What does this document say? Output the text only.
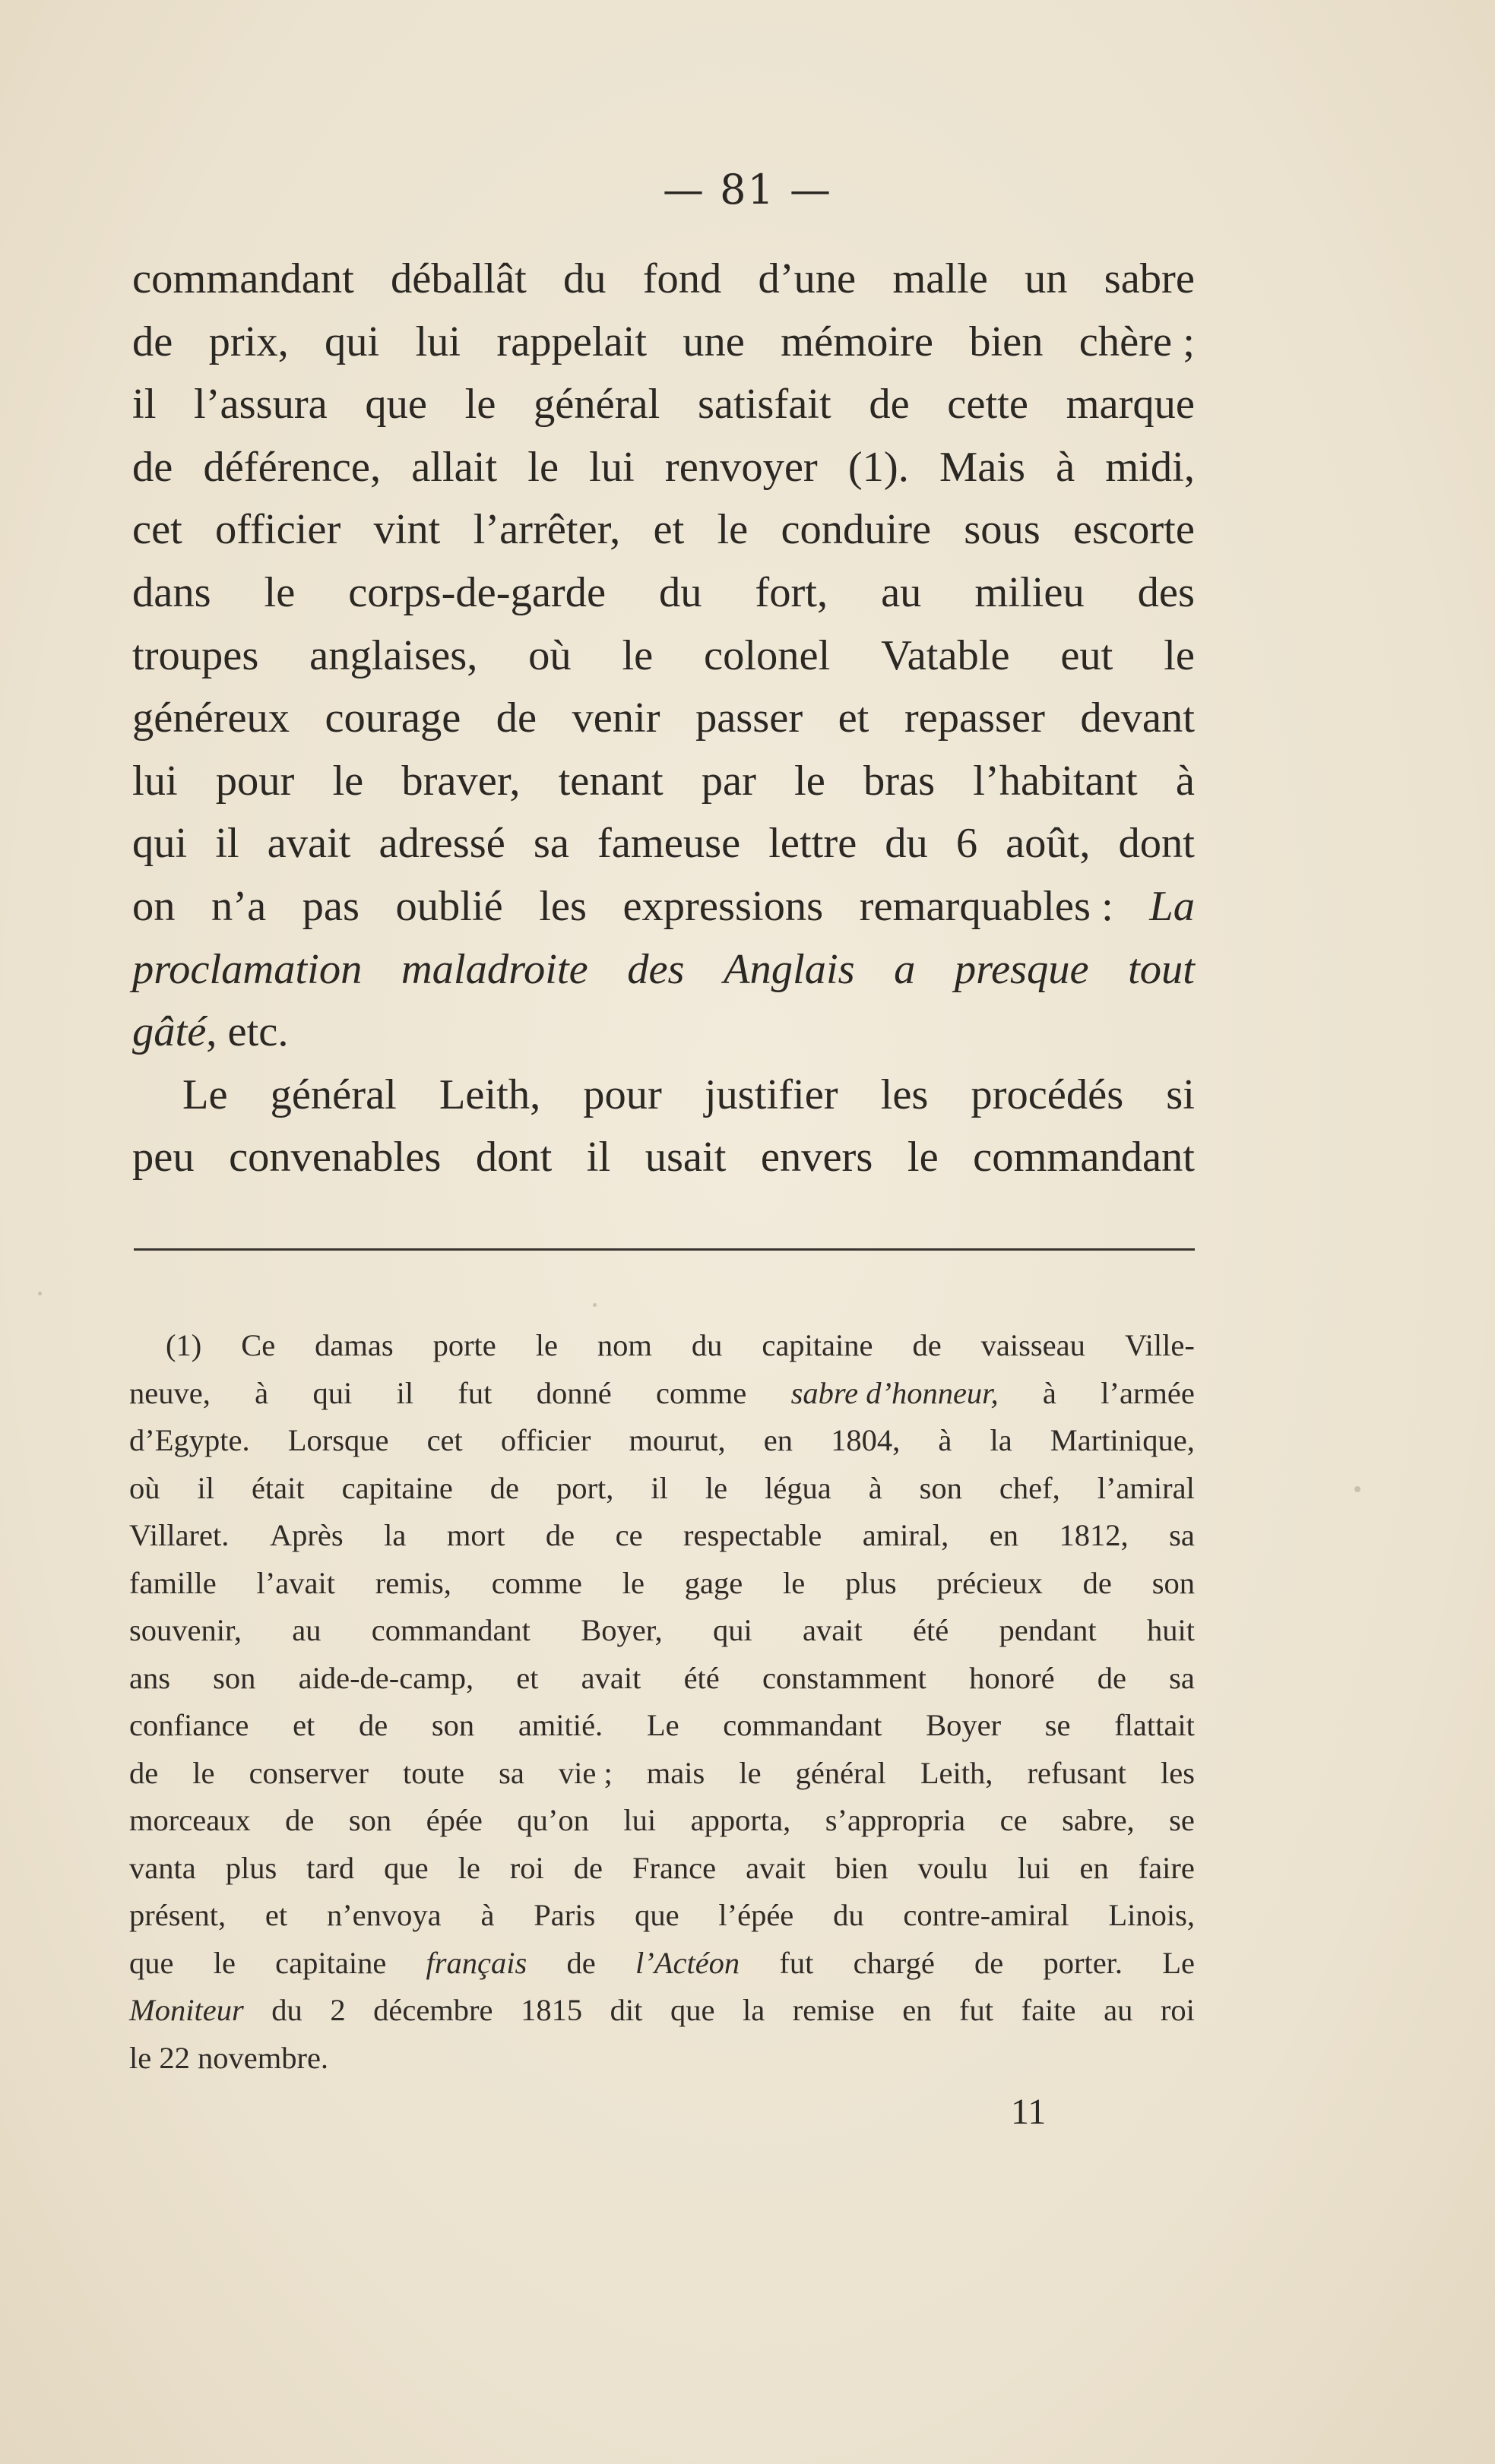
— 81 —
commandant déballât du fond d’une malle un sabre
de prix, qui lui rappelait une mémoire bien chère ;
il l’assura que le général satisfait de cette marque
de déférence, allait le lui renvoyer (1). Mais à midi,
cet officier vint l’arrêter, et le conduire sous escorte
dans le corps-de-garde du fort, au milieu des
troupes anglaises, où le colonel Vatable eut le
généreux courage de venir passer et repasser devant
lui pour le braver, tenant par le bras l’habitant à
qui il avait adressé sa fameuse lettre du 6 août, dont
on n’a pas oublié les expressions remarquables : La
proclamation maladroite des Anglais a presque tout
gâté, etc.
Le général Leith, pour justifier les procédés si
peu convenables dont il usait envers le commandant
(1) Ce damas porte le nom du capitaine de vaisseau Ville-
neuve, à qui il fut donné comme sabre d’honneur, à l’armée
d’Egypte. Lorsque cet officier mourut, en 1804, à la Martinique,
où il était capitaine de port, il le légua à son chef, l’amiral
Villaret. Après la mort de ce respectable amiral, en 1812, sa
famille l’avait remis, comme le gage le plus précieux de son
souvenir, au commandant Boyer, qui avait été pendant huit
ans son aide-de-camp, et avait été constamment honoré de sa
confiance et de son amitié. Le commandant Boyer se flattait
de le conserver toute sa vie ; mais le général Leith, refusant les
morceaux de son épée qu’on lui apporta, s’appropria ce sabre, se
vanta plus tard que le roi de France avait bien voulu lui en faire
présent, et n’envoya à Paris que l’épée du contre-amiral Linois,
que le capitaine français de l’Actéon fut chargé de porter. Le
Moniteur du 2 décembre 1815 dit que la remise en fut faite au roi
le 22 novembre.
11
